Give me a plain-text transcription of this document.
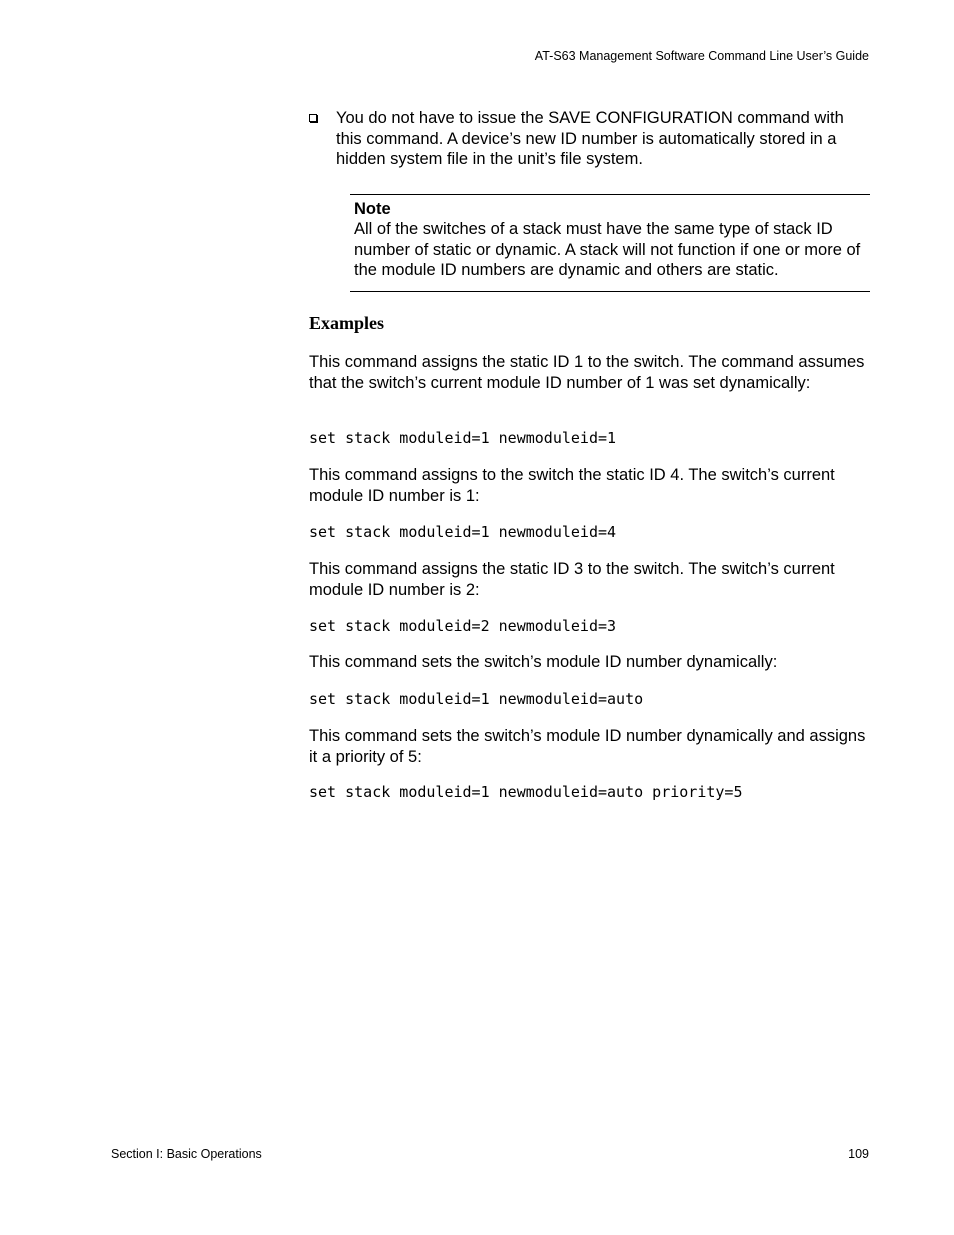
AT-S63 Management Software Command Line User’s Guide
You do not have to issue the SAVE CONFIGURATION command with this command. A device’s new ID number is automatically stored in a hidden system file in the unit’s file system.
Note
All of the switches of a stack must have the same type of stack ID number of static or dynamic. A stack will not function if one or more of the module ID numbers are dynamic and others are static.
Examples
This command assigns the static ID 1 to the switch. The command assumes that the switch’s current module ID number of 1 was set dynamically:
set stack moduleid=1 newmoduleid=1
This command assigns to the switch the static ID 4. The switch’s current module ID number is 1:
set stack moduleid=1 newmoduleid=4
This command assigns the static ID 3 to the switch. The switch’s current module ID number is 2:
set stack moduleid=2 newmoduleid=3
This command sets the switch’s module ID number dynamically:
set stack moduleid=1 newmoduleid=auto
This command sets the switch’s module ID number dynamically and assigns it a priority of 5:
set stack moduleid=1 newmoduleid=auto priority=5
Section I: Basic Operations	109
